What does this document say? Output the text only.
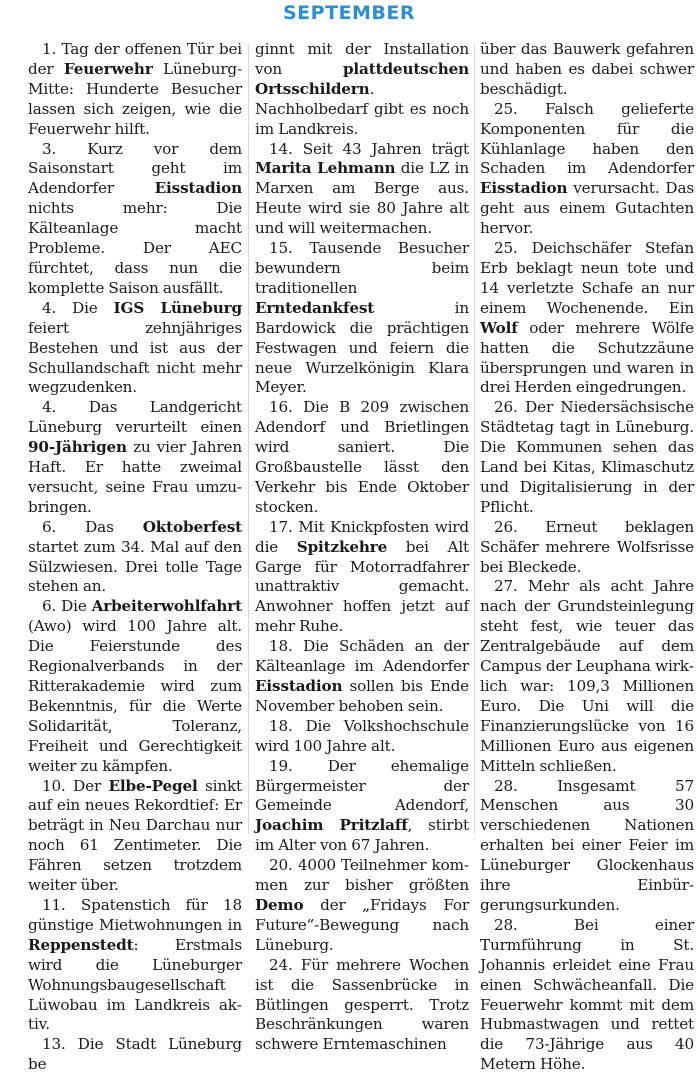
SEPTEMBER

1. Tag der offenen Tür bei der Feuerwehr Lüneburg-Mitte: Hunderte Besucher lassen sich zeigen, wie die Feuerwehr hilft.

3. Kurz vor dem Saisonstart geht im Adendorfer Eisstadion nichts mehr: Die Kälteanlage macht Probleme. Der AEC fürchtet, dass nun die komplette Saison ausfällt.

4. Die IGS Lüneburg feiert zehnjähriges Bestehen und ist aus der Schullandschaft nicht mehr wegzudenken.

4. Das Landgericht Lüneburg verurteilt einen 90-Jährigen zu vier Jahren Haft. Er hatte zweimal versucht, seine Frau umzubringen.

6. Das Oktoberfest startet zum 34. Mal auf den Sülzwiesen. Drei tolle Tage stehen an.

6. Die Arbeiterwohlfahrt (Awo) wird 100 Jahre alt. Die Feierstunde des Regionalverbands in der Ritterakademie wird zum Bekenntnis, für die Werte Solidarität, Toleranz, Freiheit und Gerechtigkeit weiter zu kämpfen.

10. Der Elbe-Pegel sinkt auf ein neues Rekordtief: Er beträgt in Neu Darchau nur noch 61 Zentimeter. Die Fähren setzen trotzdem weiter über.

11. Spatenstich für 18 günstige Mietwohnungen in Reppenstedt: Erstmals wird die Lüneburger Wohnungsbaugesellschaft Lüwobau im Landkreis aktiv.

13. Die Stadt Lüneburg be

ginnt mit der Installation von plattdeutschen Ortsschildern. Nachholbedarf gibt es noch im Landkreis.

14. Seit 43 Jahren trägt Marita Lehmann die LZ in Marxen am Berge aus. Heute wird sie 80 Jahre alt und will weitermachen.

15. Tausende Besucher bewundern beim traditionellen Erntedankfest in Bardowick die prächtigen Festwagen und feiern die neue Wurzelkönigin Klara Meyer.

16. Die B 209 zwischen Adendorf und Brietlingen wird saniert. Die Großbaustelle lässt den Verkehr bis Ende Oktober stocken.

17. Mit Knickpfosten wird die Spitzkehre bei Alt Garge für Motorradfahrer unattraktiv gemacht. Anwohner hoffen jetzt auf mehr Ruhe.

18. Die Schäden an der Kälteanlage im Adendorfer Eisstadion sollen bis Ende November behoben sein.

18. Die Volkshochschule wird 100 Jahre alt.

19. Der ehemalige Bürgermeister der Gemeinde Adendorf, Joachim Pritzlaff, stirbt im Alter von 67 Jahren.

20. 4000 Teilnehmer kommen zur bisher größten Demo der „Fridays For Future“-Bewegung nach Lüneburg.

24. Für mehrere Wochen ist die Sassenbrücke in Bütlingen gesperrt. Trotz Beschränkungen waren schwere Erntemaschinen

über das Bauwerk gefahren und haben es dabei schwer beschädigt.

25. Falsch gelieferte Komponenten für die Kühlanlage haben den Schaden im Adendorfer Eisstadion verursacht. Das geht aus einem Gutachten hervor.

25. Deichschäfer Stefan Erb beklagt neun tote und 14 verletzte Schafe an nur einem Wochenende. Ein Wolf oder mehrere Wölfe hatten die Schutzzäune übersprungen und waren in drei Herden eingedrungen.

26. Der Niedersächsische Städtetag tagt in Lüneburg. Die Kommunen sehen das Land bei Kitas, Klimaschutz und Digitalisierung in der Pflicht.

26. Erneut beklagen Schäfer mehrere Wolfsrisse bei Bleckede.

27. Mehr als acht Jahre nach der Grundsteinlegung steht fest, wie teuer das Zentralgebäude auf dem Campus der Leuphana wirklich war: 109,3 Millionen Euro. Die Uni will die Finanzierungslücke von 16 Millionen Euro aus eigenen Mitteln schließen.

28. Insgesamt 57 Menschen aus 30 verschiedenen Nationen erhalten bei einer Feier im Lüneburger Glockenhaus ihre Einbürgerungsurkunden.

28. Bei einer Turmführung in St. Johannis erleidet eine Frau einen Schwächeanfall. Die Feuerwehr kommt mit dem Hubmastwagen und rettet die 73-Jährige aus 40 Metern Höhe.
